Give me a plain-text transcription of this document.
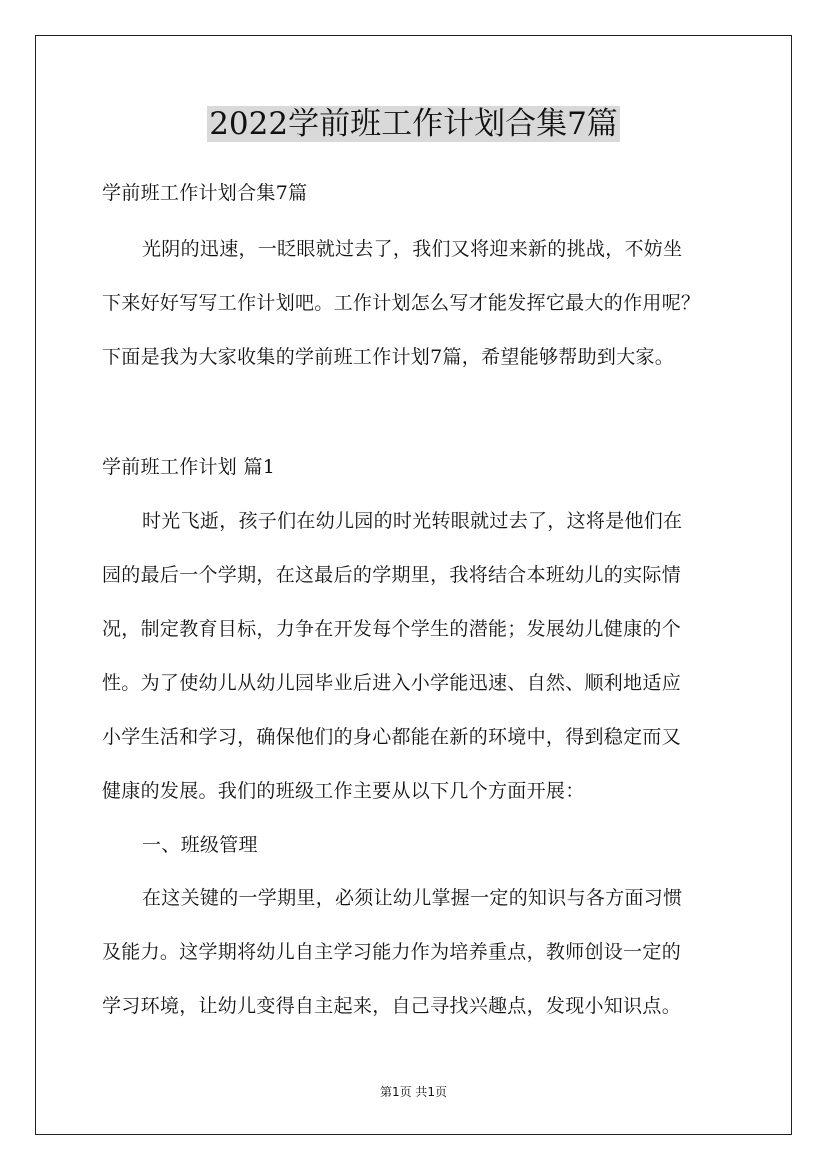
2022学前班工作计划合集7篇
学前班工作计划合集7篇
光阴的迅速，一眨眼就过去了，我们又将迎来新的挑战，不妨坐
下来好好写写工作计划吧。工作计划怎么写才能发挥它最大的作用呢？
下面是我为大家收集的学前班工作计划7篇，希望能够帮助到大家。
学前班工作计划 篇1
时光飞逝，孩子们在幼儿园的时光转眼就过去了，这将是他们在
园的最后一个学期，在这最后的学期里，我将结合本班幼儿的实际情
况，制定教育目标，力争在开发每个学生的潜能；发展幼儿健康的个
性。为了使幼儿从幼儿园毕业后进入小学能迅速、自然、顺利地适应
小学生活和学习，确保他们的身心都能在新的环境中，得到稳定而又
健康的发展。我们的班级工作主要从以下几个方面开展：
一、班级管理
在这关键的一学期里，必须让幼儿掌握一定的知识与各方面习惯
及能力。这学期将幼儿自主学习能力作为培养重点，教师创设一定的
学习环境，让幼儿变得自主起来，自己寻找兴趣点，发现小知识点。
第1页 共1页
